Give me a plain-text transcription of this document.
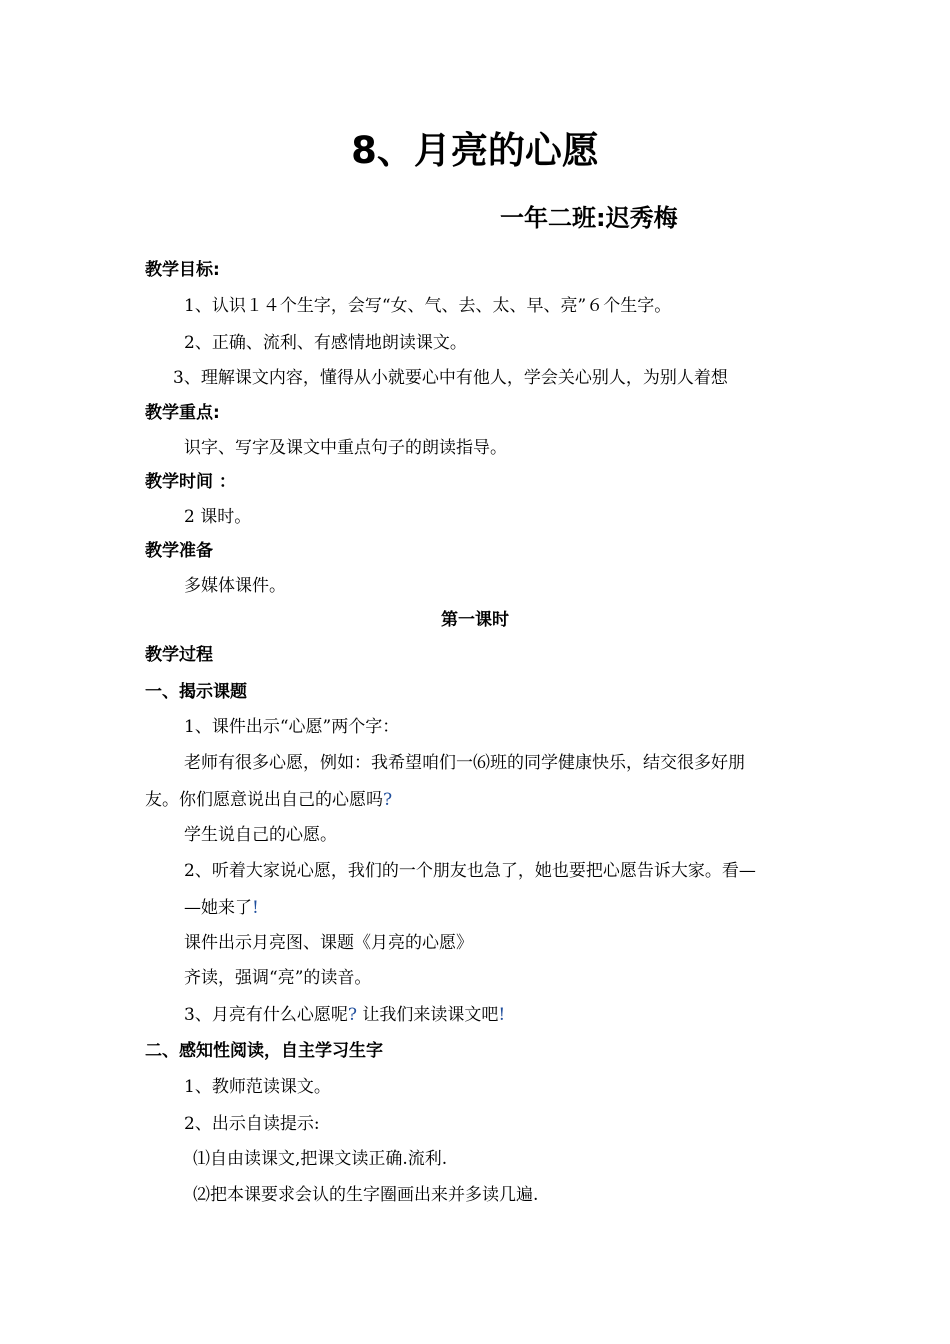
8、月亮的心愿
一年二班:迟秀梅
教学目标:
1、认识１４个生字，会写“女、气、去、太、早、亮”６个生字。
2、正确、流利、有感情地朗读课文。
3、理解课文内容，懂得从小就要心中有他人，学会关心别人，为别人着想
教学重点:
识字、写字及课文中重点句子的朗读指导。
教学时间 ：
2 课时。
教学准备
多媒体课件。
第一课时
教学过程
一、揭示课题
1、课件出示“心愿”两个字：
老师有很多心愿，例如：我希望咱们一⑹班的同学健康快乐，结交很多好朋
友。你们愿意说出自己的心愿吗?
学生说自己的心愿。
2、听着大家说心愿，我们的一个朋友也急了，她也要把心愿告诉大家。看—
—她来了!
课件出示月亮图、课题《月亮的心愿》
齐读，强调“亮”的读音。
3、月亮有什么心愿呢? 让我们来读课文吧!
二、感知性阅读，自主学习生字
1、教师范读课文。
2、出示自读提示:
⑴自由读课文,把课文读正确.流利.
⑵把本课要求会认的生字圈画出来并多读几遍.
